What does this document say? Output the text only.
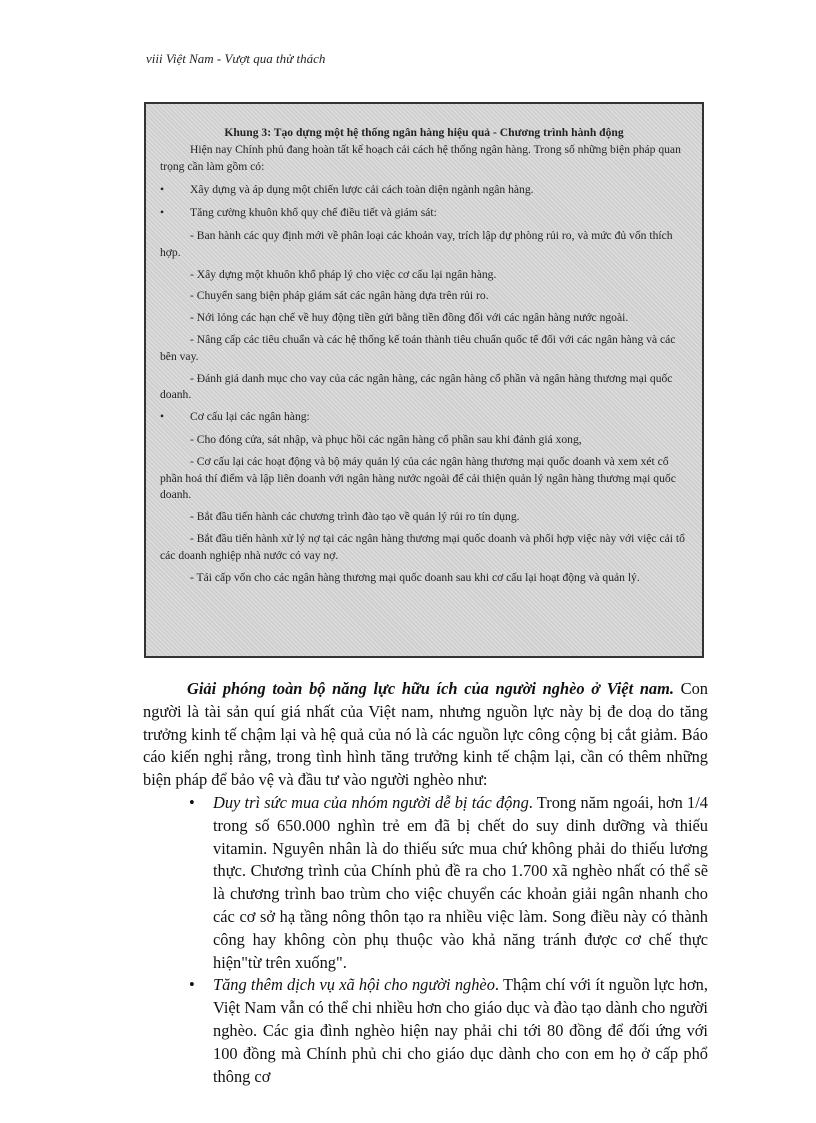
viii Việt Nam - Vượt qua thử thách

Khung 3: Tạo dựng một hệ thống ngân hàng hiệu quả - Chương trình hành động

Hiện nay Chính phủ đang hoàn tất kế hoạch cải cách hệ thống ngân hàng. Trong số những biện pháp quan trọng cần làm gồm có:

• Xây dựng và áp dụng một chiến lược cải cách toàn diện ngành ngân hàng.
• Tăng cường khuôn khổ quy chế điều tiết và giám sát:

- Ban hành các quy định mới về phân loại các khoản vay, trích lập dự phòng rủi ro, và mức đủ vốn thích hợp.

- Xây dựng một khuôn khổ pháp lý cho việc cơ cấu lại ngân hàng.

- Chuyển sang biện pháp giám sát các ngân hàng dựa trên rủi ro.

- Nới lỏng các hạn chế về huy động tiền gửi bằng tiền đồng đối với các ngân hàng nước ngoài.

- Nâng cấp các tiêu chuẩn và các hệ thống kế toán thành tiêu chuẩn quốc tế đối với các ngân hàng và các bên vay.

- Đánh giá danh mục cho vay của các ngân hàng, các ngân hàng cổ phần và ngân hàng thương mại quốc doanh.

• Cơ cấu lại các ngân hàng:

- Cho đóng cửa, sát nhập, và phục hồi các ngân hàng cổ phần sau khi đánh giá xong,

- Cơ cấu lại các hoạt động và bộ máy quản lý của các ngân hàng thương mại quốc doanh và xem xét cổ phần hoá thí điểm và lập liên doanh với ngân hàng nước ngoài để cải thiện quản lý ngân hàng thương mại quốc doanh.

- Bắt đầu tiến hành các chương trình đào tạo về quản lý rủi ro tín dụng.

- Bắt đầu tiến hành xử lý nợ tại các ngân hàng thương mại quốc doanh và phối hợp việc này với việc cải tổ các doanh nghiệp nhà nước có vay nợ.

- Tái cấp vốn cho các ngân hàng thương mại quốc doanh sau khi cơ cấu lại hoạt động và quản lý.

Giải phóng toàn bộ năng lực hữu ích của người nghèo ở Việt nam. Con người là tài sản quí giá nhất của Việt nam, nhưng nguồn lực này bị đe doạ do tăng trưởng kinh tế chậm lại và hệ quả của nó là các nguồn lực công cộng bị cắt giảm. Báo cáo kiến nghị rằng, trong tình hình tăng trưởng kinh tế chậm lại, cần có thêm những biện pháp để bảo vệ và đầu tư vào người nghèo như:

• Duy trì sức mua của nhóm người dễ bị tác động. Trong năm ngoái, hơn 1/4 trong số 650.000 nghìn trẻ em đã bị chết do suy dinh dưỡng và thiếu vitamin. Nguyên nhân là do thiếu sức mua chứ không phải do thiếu lương thực. Chương trình của Chính phủ đề ra cho 1.700 xã nghèo nhất có thể sẽ là chương trình bao trùm cho việc chuyển các khoản giải ngân nhanh cho các cơ sở hạ tầng nông thôn tạo ra nhiều việc làm. Song điều này có thành công hay không còn phụ thuộc vào khả năng tránh được cơ chế thực hiện"từ trên xuống".
• Tăng thêm dịch vụ xã hội cho người nghèo. Thậm chí với ít nguồn lực hơn, Việt Nam vẫn có thể chi nhiều hơn cho giáo dục và đào tạo dành cho người nghèo. Các gia đình nghèo hiện nay phải chi tới 80 đồng để đối ứng với 100 đồng mà Chính phủ chi cho giáo dục dành cho con em họ ở cấp phổ thông cơ
